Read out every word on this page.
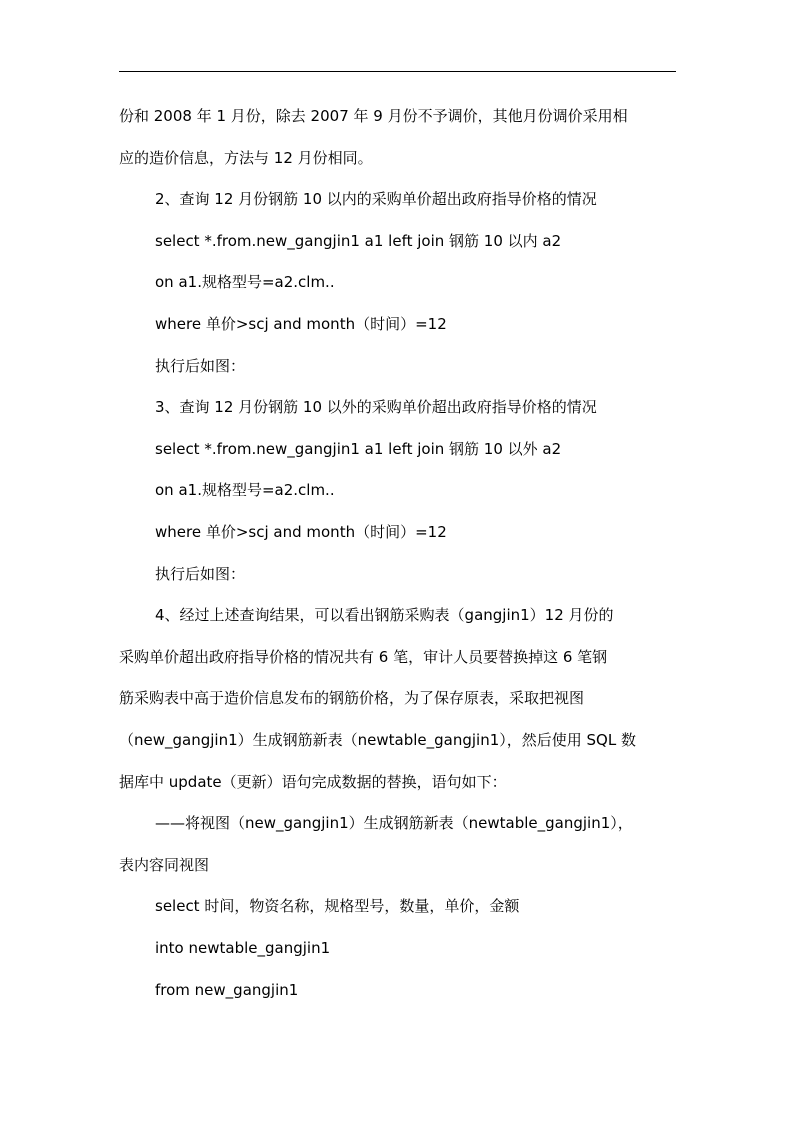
份和 2008 年 1 月份，除去 2007 年 9 月份不予调价，其他月份调价采用相
应的造价信息，方法与 12 月份相同。
2、查询 12 月份钢筋 10 以内的采购单价超出政府指导价格的情况
select *.from.new_gangjin1 a1 left join 钢筋 10 以内 a2
on a1.规格型号=a2.clm..
where 单价>scj and month（时间）=12
执行后如图：
3、查询 12 月份钢筋 10 以外的采购单价超出政府指导价格的情况
select *.from.new_gangjin1 a1 left join 钢筋 10 以外 a2
on a1.规格型号=a2.clm..
where 单价>scj and month（时间）=12
执行后如图：
4、经过上述查询结果，可以看出钢筋采购表（gangjin1）12 月份的
采购单价超出政府指导价格的情况共有 6 笔，审计人员要替换掉这 6 笔钢
筋采购表中高于造价信息发布的钢筋价格，为了保存原表，采取把视图
（new_gangjin1）生成钢筋新表（newtable_gangjin1），然后使用 SQL 数
据库中 update（更新）语句完成数据的替换，语句如下：
——将视图（new_gangjin1）生成钢筋新表（newtable_gangjin1），
表内容同视图
select 时间，物资名称，规格型号，数量，单价，金额
into newtable_gangjin1
from new_gangjin1
